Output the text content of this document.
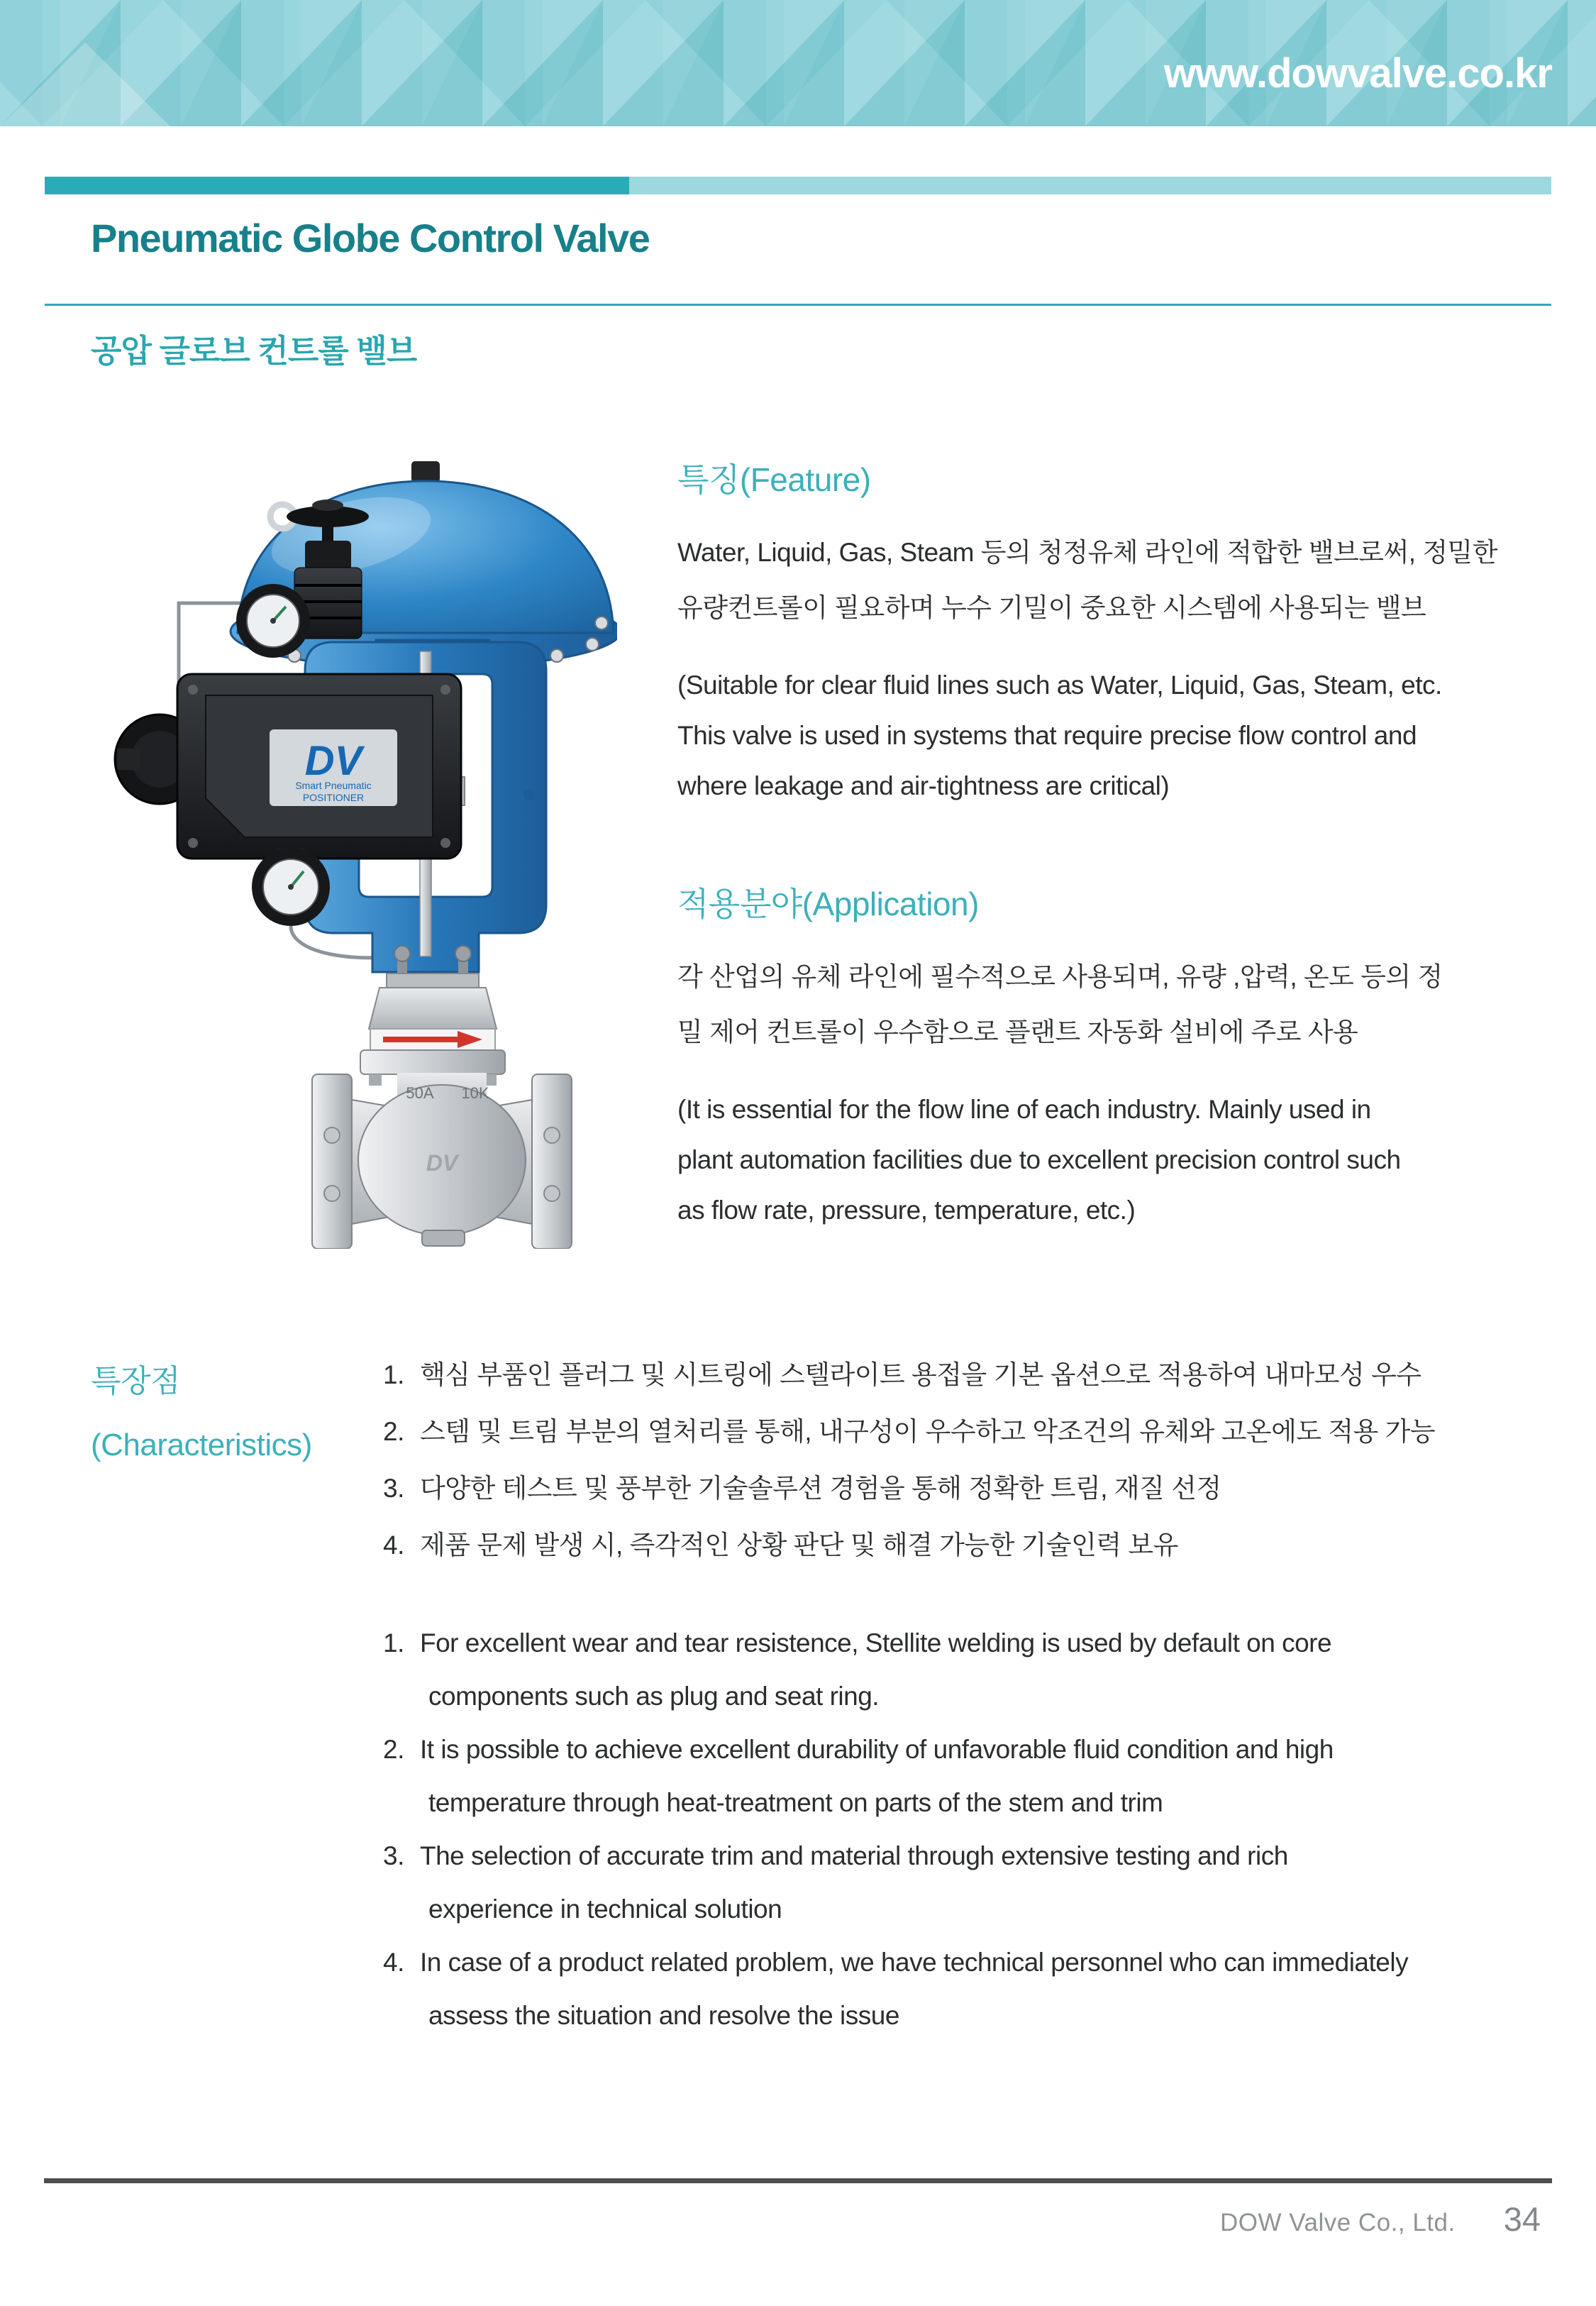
www.dowvalve.co.kr
Pneumatic Globe Control Valve
공압 글로브 컨트롤 밸브
DV
Smart Pneumatic
POSITIONER
50A 10K
DV
특징(Feature)
Water, Liquid, Gas, Steam 등의 청정유체 라인에 적합한 밸브로써, 정밀한
유량컨트롤이 필요하며 누수 기밀이 중요한 시스템에 사용되는 밸브
(Suitable for clear fluid lines such as Water, Liquid, Gas, Steam, etc.
This valve is used in systems that require precise flow control and
where leakage and air-tightness are critical)
적용분야(Application)
각 산업의 유체 라인에 필수적으로 사용되며, 유량 ,압력, 온도 등의 정
밀 제어 컨트롤이 우수함으로 플랜트 자동화 설비에 주로 사용
(It is essential for the flow line of each industry. Mainly used in
plant automation facilities due to excellent precision control such
as flow rate, pressure, temperature, etc.)
특장점
(Characteristics)
1. 핵심 부품인 플러그 및 시트링에 스텔라이트 용접을 기본 옵션으로 적용하여 내마모성 우수
2. 스템 및 트림 부분의 열처리를 통해, 내구성이 우수하고 악조건의 유체와 고온에도 적용 가능
3. 다양한 테스트 및 풍부한 기술솔루션 경험을 통해 정확한 트림, 재질 선정
4. 제품 문제 발생 시, 즉각적인 상황 판단 및 해결 가능한 기술인력 보유
1. For excellent wear and tear resistence, Stellite welding is used by default on core
components such as plug and seat ring.
2. It is possible to achieve excellent durability of unfavorable fluid condition and high
temperature through heat-treatment on parts of the stem and trim
3. The selection of accurate trim and material through extensive testing and rich
experience in technical solution
4. In case of a product related problem, we have technical personnel who can immediately
assess the situation and resolve the issue
DOW Valve Co., Ltd. 34
